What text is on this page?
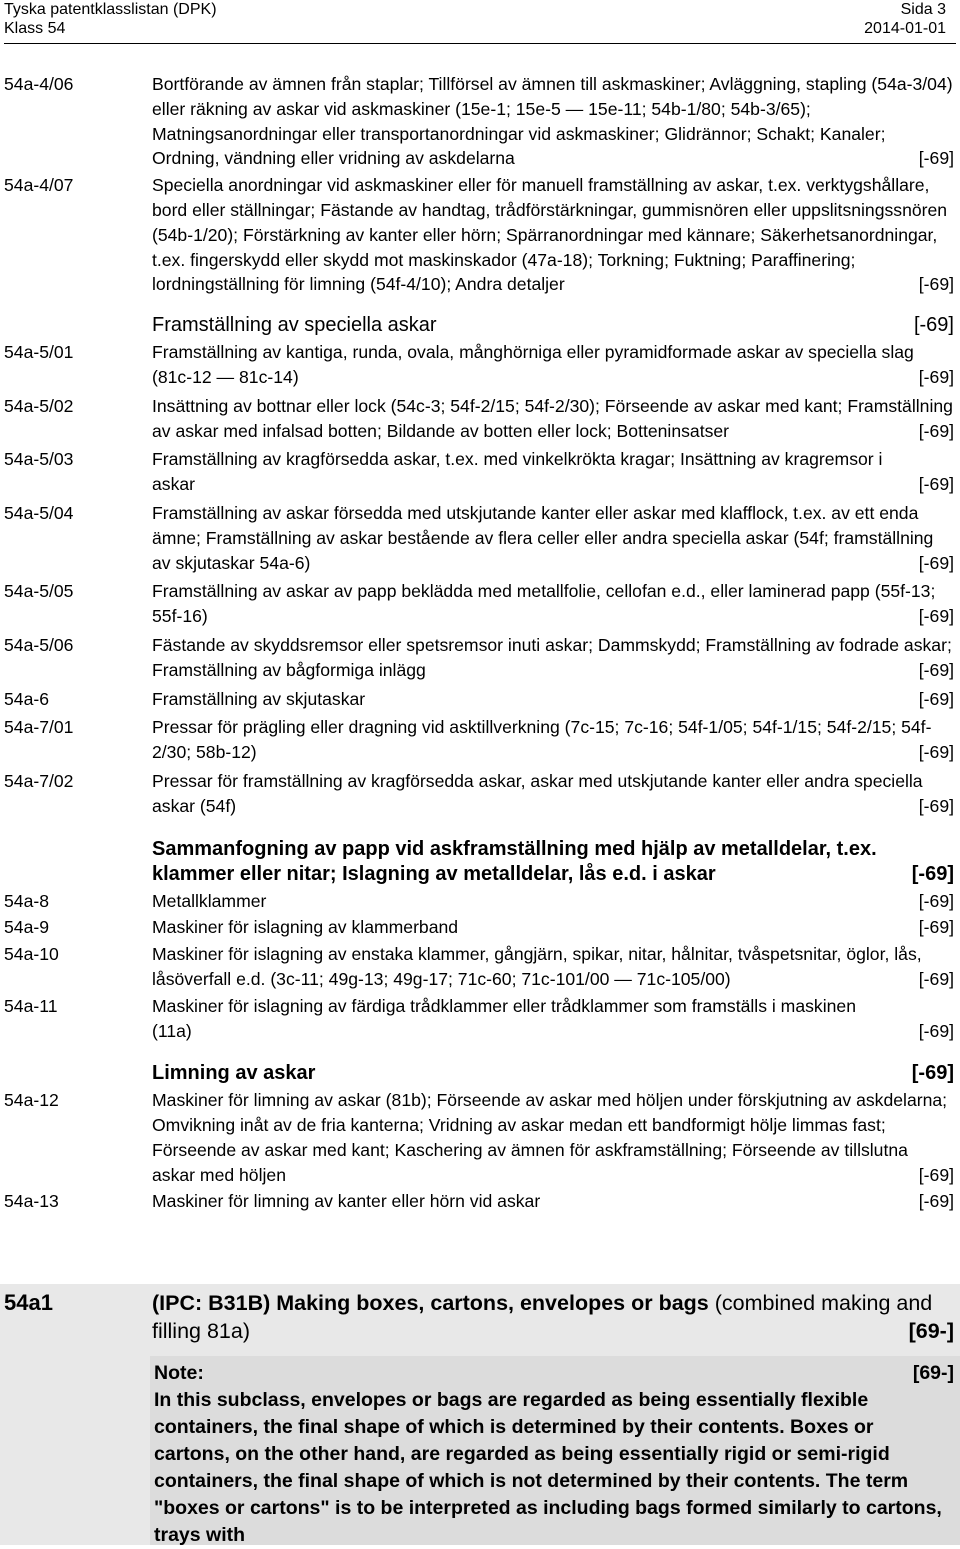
Tyska patentklasslistan (DPK)	Sida 3
Klass 54	2014-01-01
54a-4/06	Bortförande av ämnen från staplar; Tillförsel av ämnen till askmaskiner; Avläggning, stapling (54a-3/04) eller räkning av askar vid askmaskiner (15e-1; 15e-5 — 15e-11; 54b-1/80; 54b-3/65); Matningsanordningar eller transportanordningar vid askmaskiner; Glidrännor; Schakt; Kanaler; Ordning, vändning eller vridning av askdelarna	[-69]
54a-4/07	Speciella anordningar vid askmaskiner eller för manuell framställning av askar, t.ex. verktygshållare, bord eller ställningar; Fästande av handtag, trådförstärkningar, gummisnören eller uppslitsningssnören (54b-1/20); Förstärkning av kanter eller hörn; Spärranordningar med kännare; Säkerhetsanordningar, t.ex. fingerskydd eller skydd mot maskinskador (47a-18); Torkning; Fuktning; Paraffinering; lordningställning för limning (54f-4/10); Andra detaljer	[-69]
Framställning av speciella askar	[-69]
54a-5/01	Framställning av kantiga, runda, ovala, månghörniga eller pyramidformade askar av speciella slag (81c-12 — 81c-14)	[-69]
54a-5/02	Insättning av bottnar eller lock (54c-3; 54f-2/15; 54f-2/30); Förseende av askar med kant; Framställning av askar med infalsad botten; Bildande av botten eller lock; Botteninsatser	[-69]
54a-5/03	Framställning av kragförsedda askar, t.ex. med vinkelkrökta kragar; Insättning av kragremsor i askar	[-69]
54a-5/04	Framställning av askar försedda med utskjutande kanter eller askar med klafflock, t.ex. av ett enda ämne; Framställning av askar bestående av flera celler eller andra speciella askar (54f; framställning av skjutaskar 54a-6)	[-69]
54a-5/05	Framställning av askar av papp beklädda med metallfolie, cellofan e.d., eller laminerad papp (55f-13; 55f-16)	[-69]
54a-5/06	Fästande av skyddsremsor eller spetsremsor inuti askar; Dammskydd; Framställning av fodrade askar; Framställning av bågformiga inlägg	[-69]
54a-6	Framställning av skjutaskar	[-69]
54a-7/01	Pressar för prägling eller dragning vid asktillverkning (7c-15; 7c-16; 54f-1/05; 54f-1/15; 54f-2/15; 54f-2/30; 58b-12)	[-69]
54a-7/02	Pressar för framställning av kragförsedda askar, askar med utskjutande kanter eller andra speciella askar (54f)	[-69]
Sammanfogning av papp vid askframställning med hjälp av metalldelar, t.ex. klammer eller nitar; Islagning av metalldelar, lås e.d. i askar	[-69]
54a-8	Metallklammer	[-69]
54a-9	Maskiner för islagning av klammerband	[-69]
54a-10	Maskiner för islagning av enstaka klammer, gångjärn, spikar, nitar, hålnitar, tvåspetsnitar, öglor, lås, låsöverfall e.d. (3c-11; 49g-13; 49g-17; 71c-60; 71c-101/00 — 71c-105/00)	[-69]
54a-11	Maskiner för islagning av färdiga trådklammer eller trådklammer som framställs i maskinen (11a)	[-69]
Limning av askar	[-69]
54a-12	Maskiner för limning av askar (81b); Förseende av askar med höljen under förskjutning av askdelarna; Omvikning inåt av de fria kanterna; Vridning av askar medan ett bandformigt hölje limmas fast; Förseende av askar med kant; Kaschering av ämnen för askframställning; Förseende av tillslutna askar med höljen	[-69]
54a-13	Maskiner för limning av kanter eller hörn vid askar	[-69]
54a1	(IPC: B31B) Making boxes, cartons, envelopes or bags (combined making and filling 81a)	[69-]
Note:	[69-]
In this subclass, envelopes or bags are regarded as being essentially flexible containers, the final shape of which is determined by their contents. Boxes or cartons, on the other hand, are regarded as being essentially rigid or semi-rigid containers, the final shape of which is not determined by their contents. The term "boxes or cartons" is to be interpreted as including bags formed similarly to cartons, trays with
